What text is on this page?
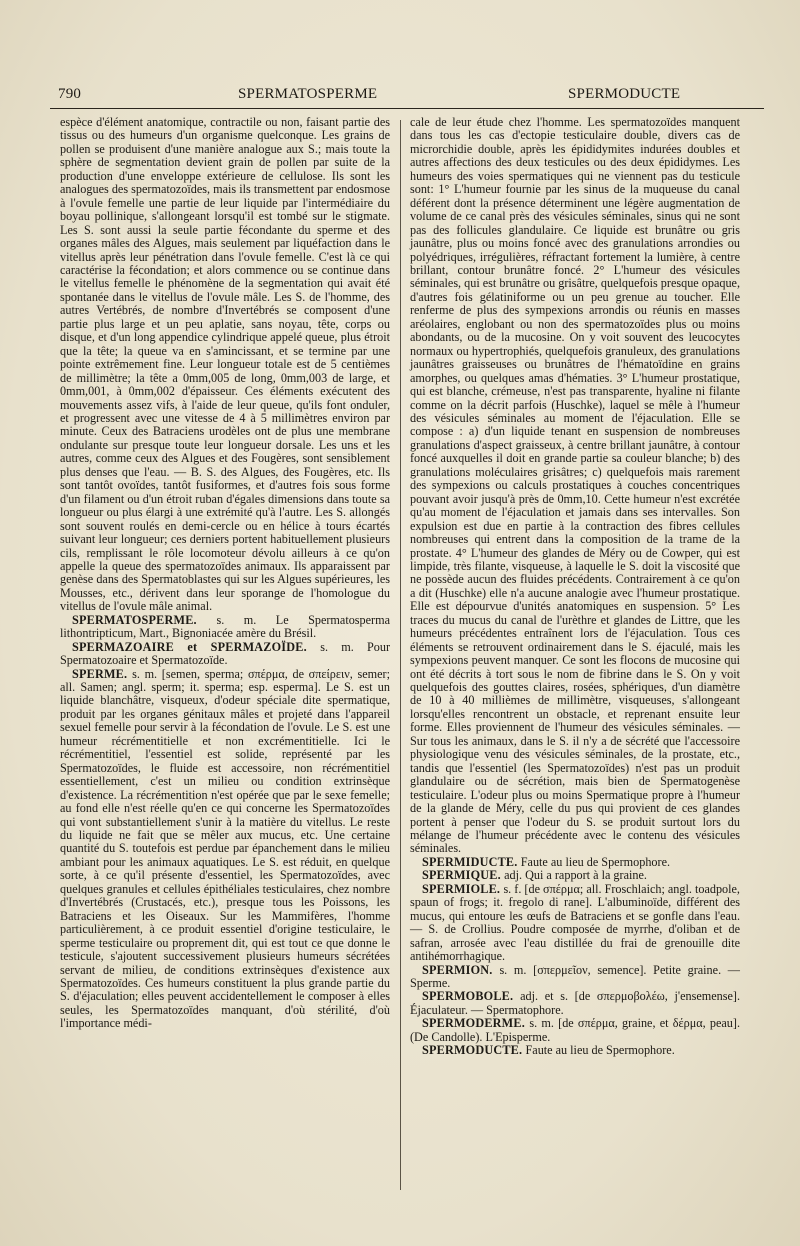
790	SPERMATOSPERME	SPERMODUCTE

espèce d'élément anatomique, contractile ou non, faisant partie des tissus ou des humeurs d'un organisme quelconque. Les grains de pollen se produisent d'une manière analogue aux S.; mais toute la sphère de segmentation devient grain de pollen par suite de la production d'une enveloppe extérieure de cellulose. Ils sont les analogues des spermatozoïdes, mais ils transmettent par endosmose à l'ovule femelle une partie de leur liquide par l'intermédiaire du boyau pollinique, s'allongeant lorsqu'il est tombé sur le stigmate. Les S. sont aussi la seule partie fécondante du sperme et des organes mâles des Algues, mais seulement par liquéfaction dans le vitellus après leur pénétration dans l'ovule femelle. C'est là ce qui caractérise la fécondation; et alors commence ou se continue dans le vitellus femelle le phénomène de la segmentation qui avait été spontanée dans le vitellus de l'ovule mâle. Les S. de l'homme, des autres Vertébrés, de nombre d'Invertébrés se composent d'une partie plus large et un peu aplatie, sans noyau, tête, corps ou disque, et d'un long appendice cylindrique appelé queue, plus étroit que la tête; la queue va en s'amincissant, et se termine par une pointe extrêmement fine. Leur longueur totale est de 5 centièmes de millimètre; la tête a 0mm,005 de long, 0mm,003 de large, et 0mm,001, à 0mm,002 d'épaisseur. Ces éléments exécutent des mouvements assez vifs, à l'aide de leur queue, qu'ils font onduler, et progressent avec une vitesse de 4 à 5 millimètres environ par minute. Ceux des Batraciens urodèles ont de plus une membrane ondulante sur presque toute leur longueur dorsale. Les uns et les autres, comme ceux des Algues et des Fougères, sont sensiblement plus denses que l'eau. — B. S. des Algues, des Fougères, etc. Ils sont tantôt ovoïdes, tantôt fusiformes, et d'autres fois sous forme d'un filament ou d'un étroit ruban d'égales dimensions dans toute sa longueur ou plus élargi à une extrémité qu'à l'autre. Les S. allongés sont souvent roulés en demi-cercle ou en hélice à tours écartés suivant leur longueur; ces derniers portent habituellement plusieurs cils, remplissant le rôle locomoteur dévolu ailleurs à ce qu'on appelle la queue des spermatozoïdes animaux. Ils apparaissent par genèse dans des Spermatoblastes qui sur les Algues supérieures, les Mousses, etc., dérivent dans leur sporange de l'homologue du vitellus de l'ovule mâle animal.

SPERMATOSPERME. s. m. Le Spermatosperma lithontripticum, Mart., Bignoniacée amère du Brésil.

SPERMAZOAIRE et SPERMAZOÏDE. s. m. Pour Spermatozoaire et Spermatozoïde.

SPERME. s. m. [semen, sperma; σπέρμα, de σπείρειν, semer; all. Samen; angl. sperm; it. sperma; esp. esperma]. Le S. est un liquide blanchâtre, visqueux, d'odeur spéciale dite spermatique, produit par les organes génitaux mâles et projeté dans l'appareil sexuel femelle pour servir à la fécondation de l'ovule. Le S. est une humeur récrémentitielle et non excrémentitielle. Ici le récrémentitiel, l'essentiel est solide, représenté par les Spermatozoïdes, le fluide est accessoire, non récrémentitiel essentiellement, c'est un milieu ou condition extrinsèque d'existence. La récrémentition n'est opérée que par le sexe femelle; au fond elle n'est réelle qu'en ce qui concerne les Spermatozoïdes qui vont substantiellement s'unir à la matière du vitellus. Le reste du liquide ne fait que se mêler aux mucus, etc. Une certaine quantité du S. toutefois est perdue par épanchement dans le milieu ambiant pour les animaux aquatiques. Le S. est réduit, en quelque sorte, à ce qu'il présente d'essentiel, les Spermatozoïdes, avec quelques granules et cellules épithéliales testiculaires, chez nombre d'Invertébrés (Crustacés, etc.), presque tous les Poissons, les Batraciens et les Oiseaux. Sur les Mammifères, l'homme particulièrement, à ce produit essentiel d'origine testiculaire, le sperme testiculaire ou proprement dit, qui est tout ce que donne le testicule, s'ajoutent successivement plusieurs humeurs sécrétées servant de milieu, de conditions extrinsèques d'existence aux Spermatozoïdes. Ces humeurs constituent la plus grande partie du S. d'éjaculation; elles peuvent accidentellement le composer à elles seules, les Spermatozoïdes manquant, d'où stérilité, d'où l'importance médi-

cale de leur étude chez l'homme. Les spermatozoïdes manquent dans tous les cas d'ectopie testiculaire double, divers cas de microrchidie double, après les épididymites indurées doubles et autres affections des deux testicules ou des deux épididymes. Les humeurs des voies spermatiques qui ne viennent pas du testicule sont: 1° L'humeur fournie par les sinus de la muqueuse du canal déférent dont la présence déterminent une légère augmentation de volume de ce canal près des vésicules séminales, sinus qui ne sont pas des follicules glandulaire. Ce liquide est brunâtre ou gris jaunâtre, plus ou moins foncé avec des granulations arrondies ou polyédriques, irrégulières, réfractant fortement la lumière, à centre brillant, contour brunâtre foncé. 2° L'humeur des vésicules séminales, qui est brunâtre ou grisâtre, quelquefois presque opaque, d'autres fois gélatiniforme ou un peu grenue au toucher. Elle renferme de plus des sympexions arrondis ou réunis en masses aréolaires, englobant ou non des spermatozoïdes plus ou moins abondants, ou de la mucosine. On y voit souvent des leucocytes normaux ou hypertrophiés, quelquefois granuleux, des granulations jaunâtres graisseuses ou brunâtres de l'hématoïdine en grains amorphes, ou quelques amas d'hématies. 3° L'humeur prostatique, qui est blanche, crémeuse, n'est pas transparente, hyaline ni filante comme on la décrit parfois (Huschke), laquel se mêle à l'humeur des vésicules séminales au moment de l'éjaculation. Elle se compose : a) d'un liquide tenant en suspension de nombreuses granulations d'aspect graisseux, à centre brillant jaunâtre, à contour foncé auxquelles il doit en grande partie sa couleur blanche; b) des granulations moléculaires grisâtres; c) quelquefois mais rarement des sympexions ou calculs prostatiques à couches concentriques pouvant avoir jusqu'à près de 0mm,10. Cette humeur n'est excrétée qu'au moment de l'éjaculation et jamais dans ses intervalles. Son expulsion est due en partie à la contraction des fibres cellules nombreuses qui entrent dans la composition de la trame de la prostate. 4° L'humeur des glandes de Méry ou de Cowper, qui est limpide, très filante, visqueuse, à laquelle le S. doit la viscosité que ne possède aucun des fluides précédents. Contrairement à ce qu'on a dit (Huschke) elle n'a aucune analogie avec l'humeur prostatique. Elle est dépourvue d'unités anatomiques en suspension. 5° Les traces du mucus du canal de l'urèthre et glandes de Littre, que les humeurs précédentes entraînent lors de l'éjaculation. Tous ces éléments se retrouvent ordinairement dans le S. éjaculé, mais les sympexions peuvent manquer. Ce sont les flocons de mucosine qui ont été décrits à tort sous le nom de fibrine dans le S. On y voit quelquefois des gouttes claires, rosées, sphériques, d'un diamètre de 10 à 40 millièmes de millimètre, visqueuses, s'allongeant lorsqu'elles rencontrent un obstacle, et reprenant ensuite leur forme. Elles proviennent de l'humeur des vésicules séminales. — Sur tous les animaux, dans le S. il n'y a de sécrété que l'accessoire physiologique venu des vésicules séminales, de la prostate, etc., tandis que l'essentiel (les Spermatozoïdes) n'est pas un produit glandulaire ou de sécrétion, mais bien de Spermatogenèse testiculaire. L'odeur plus ou moins Spermatique propre à l'humeur de la glande de Méry, celle du pus qui provient de ces glandes portent à penser que l'odeur du S. se produit surtout lors du mélange de l'humeur précédente avec le contenu des vésicules séminales.

SPERMIDUCTE. Faute au lieu de Spermophore.

SPERMIQUE. adj. Qui a rapport à la graine.

SPERMIOLE. s. f. [de σπέρμα; all. Froschlaich; angl. toadpole, spaun of frogs; it. fregolo di rane]. L'albuminoïde, différent des mucus, qui entoure les œufs de Batraciens et se gonfle dans l'eau. — S. de Crollius. Poudre composée de myrrhe, d'oliban et de safran, arrosée avec l'eau distillée du frai de grenouille dite antihémorrhagique.

SPERMION. s. m. [σπερμεῖον, semence]. Petite graine. — Sperme.

SPERMOBOLE. adj. et s. [de σπερμοβολέω, j'ensemense]. Éjaculateur. — Spermatophore.

SPERMODERME. s. m. [de σπέρμα, graine, et δέρμα, peau]. (De Candolle). L'Episperme.

SPERMODUCTE. Faute au lieu de Spermophore.
